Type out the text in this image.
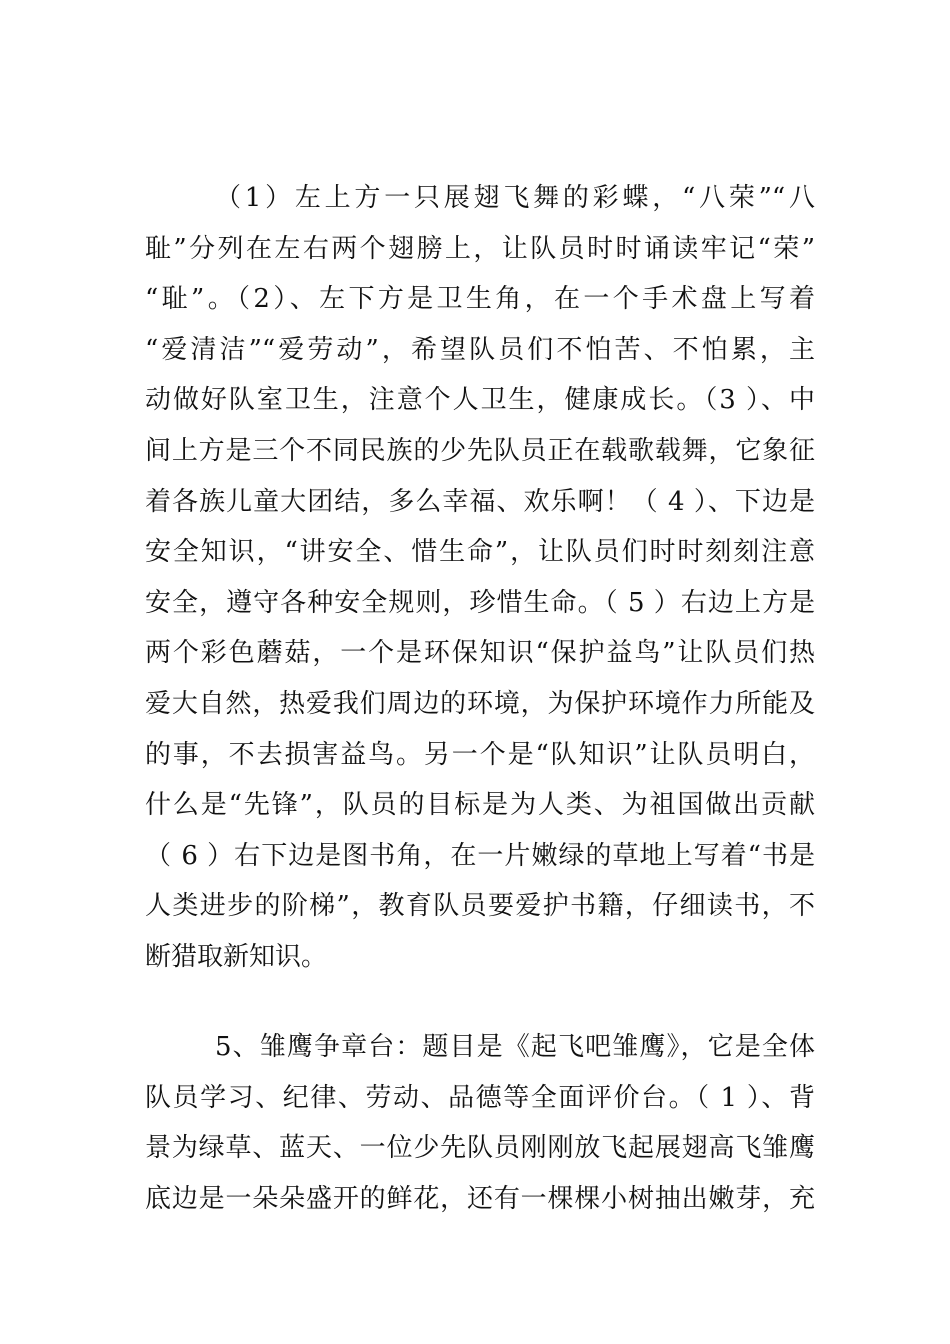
（1）左上方一只展翅飞舞的彩蝶，“八荣”“八
耻”分列在左右两个翅膀上，让队员时时诵读牢记“荣”
“耻”。（2）、左下方是卫生角，在一个手术盘上写着
“爱清洁”“爱劳动”，希望队员们不怕苦、不怕累，主
动做好队室卫生，注意个人卫生，健康成长。（3 ）、中
间上方是三个不同民族的少先队员正在载歌载舞，它象征
着各族儿童大团结，多么幸福、欢乐啊！（ 4 ）、下边是
安全知识，“讲安全、惜生命”，让队员们时时刻刻注意
安全，遵守各种安全规则，珍惜生命。（ 5 ）右边上方是
两个彩色蘑菇，一个是环保知识“保护益鸟”让队员们热
爱大自然，热爱我们周边的环境，为保护环境作力所能及
的事，不去损害益鸟。另一个是“队知识”让队员明白，
什么是“先锋”，队员的目标是为人类、为祖国做出贡献
（ 6 ）右下边是图书角，在一片嫩绿的草地上写着“书是
人类进步的阶梯”，教育队员要爱护书籍，仔细读书，不
断猎取新知识。
5、雏鹰争章台：题目是《起飞吧雏鹰》，它是全体
队员学习、纪律、劳动、品德等全面评价台。（ 1 ）、背
景为绿草、蓝天、一位少先队员刚刚放飞起展翅高飞雏鹰
底边是一朵朵盛开的鲜花，还有一棵棵小树抽出嫩芽，充
